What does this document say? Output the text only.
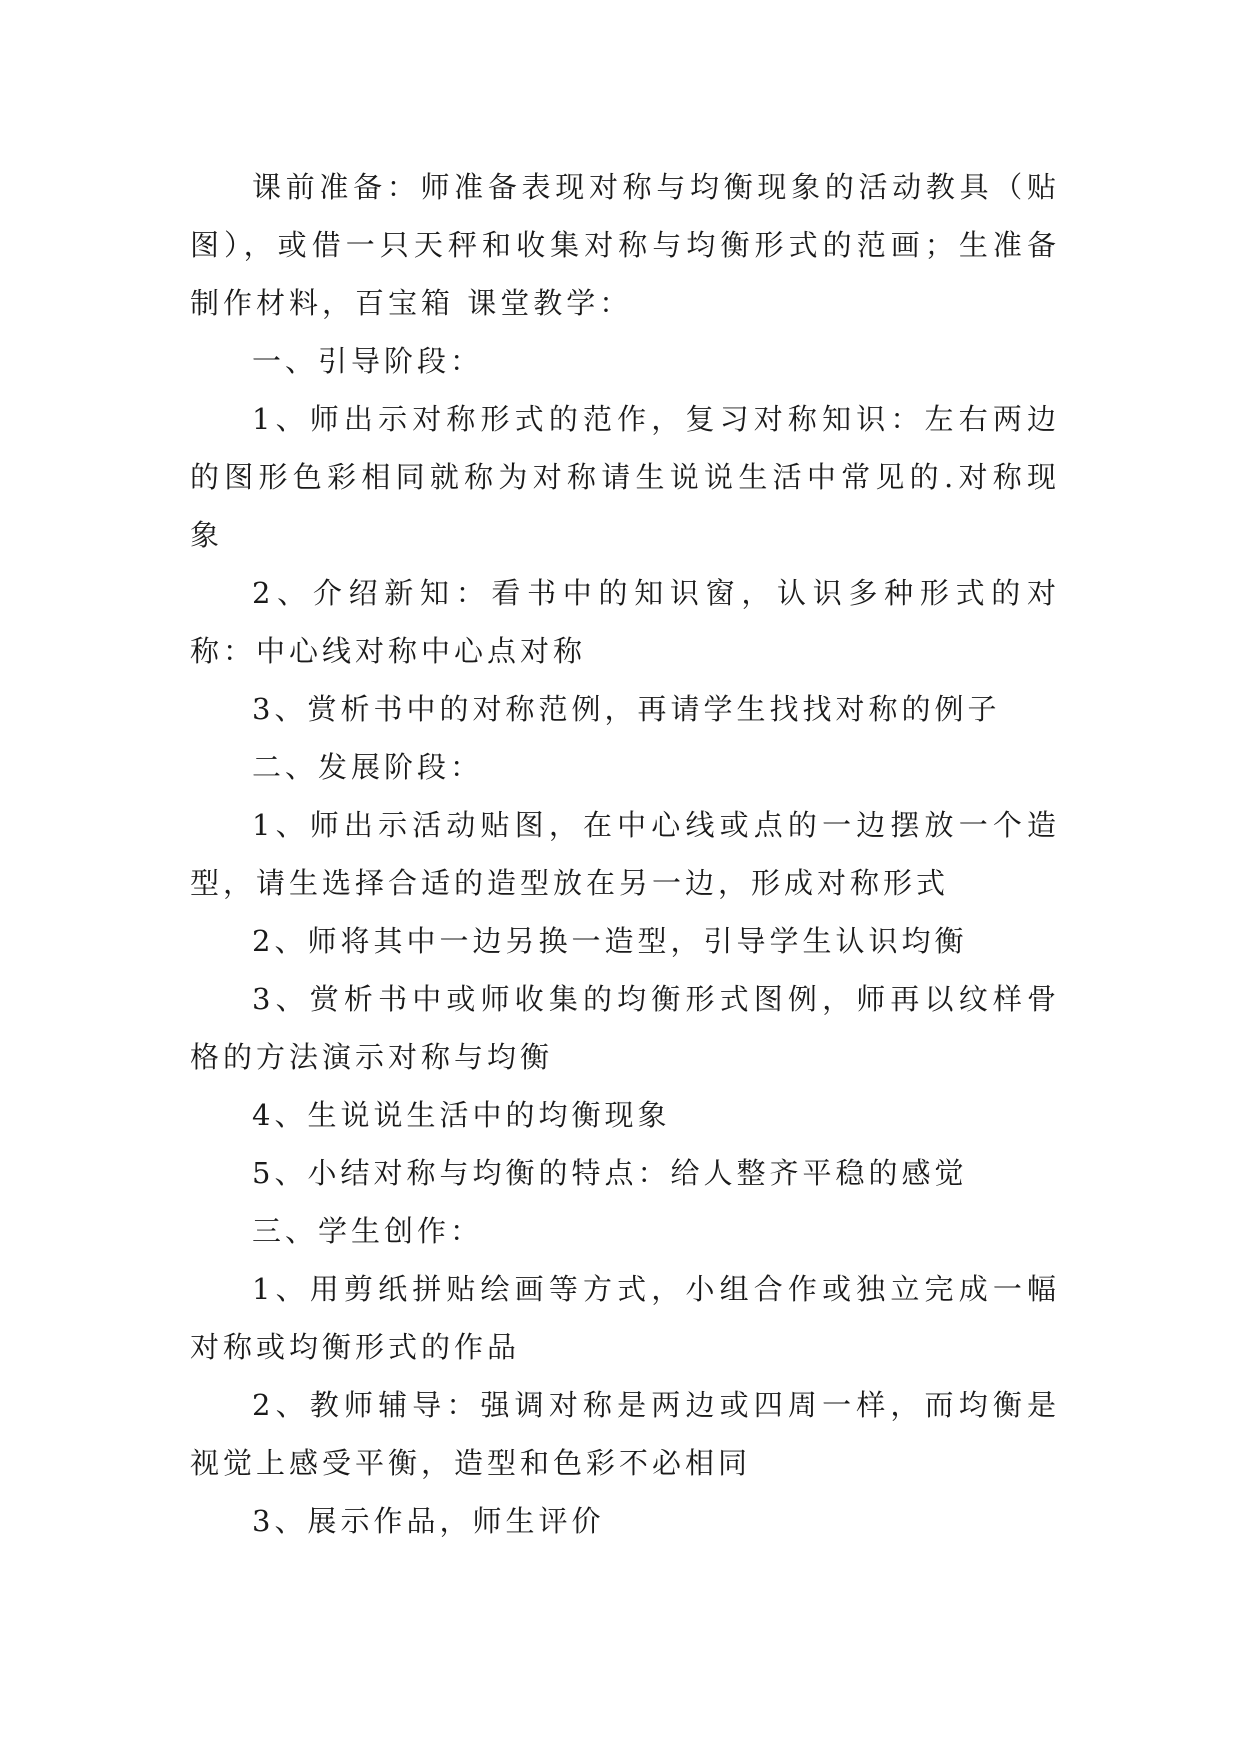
课前准备：师准备表现对称与均衡现象的活动教具（贴图），或借一只天秤和收集对称与均衡形式的范画；生准备制作材料，百宝箱 课堂教学：

一、引导阶段：

1、师出示对称形式的范作，复习对称知识：左右两边的图形色彩相同就称为对称请生说说生活中常见的.对称现象

2、介绍新知：看书中的知识窗，认识多种形式的对称：中心线对称中心点对称

3、赏析书中的对称范例，再请学生找找对称的例子

二、发展阶段：

1、师出示活动贴图，在中心线或点的一边摆放一个造型，请生选择合适的造型放在另一边，形成对称形式

2、师将其中一边另换一造型，引导学生认识均衡

3、赏析书中或师收集的均衡形式图例，师再以纹样骨格的方法演示对称与均衡

4、生说说生活中的均衡现象

5、小结对称与均衡的特点：给人整齐平稳的感觉

三、学生创作：

1、用剪纸拼贴绘画等方式，小组合作或独立完成一幅对称或均衡形式的作品

2、教师辅导：强调对称是两边或四周一样，而均衡是视觉上感受平衡，造型和色彩不必相同

3、展示作品，师生评价
